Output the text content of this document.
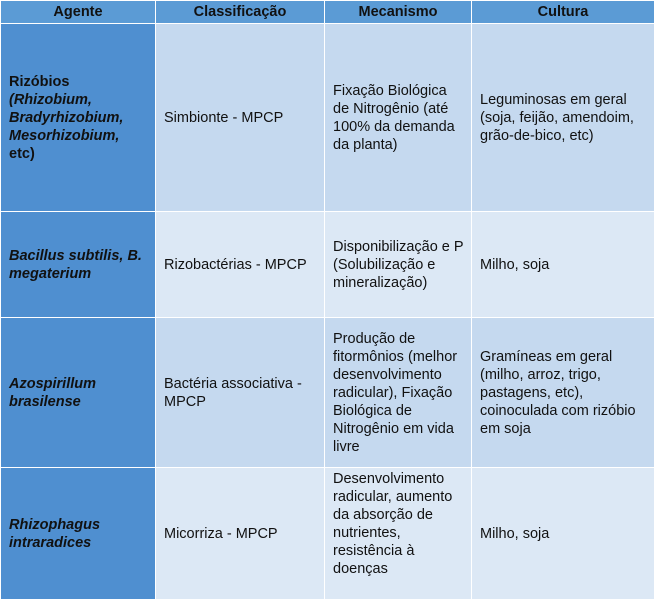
Agente	Classificação	Mecanismo	Cultura
Rizóbios
(Rhizobium, Bradyrhizobium, Mesorhizobium,
etc)	Simbionte - MPCP	Fixação Biológica de Nitrogênio (até 100% da demanda da planta)	Leguminosas em geral (soja, feijão, amendoim, grão-de-bico, etc)
Bacillus subtilis, B. megaterium	Rizobactérias - MPCP	Disponibilização e P (Solubilização e mineralização)	Milho, soja
Azospirillum brasilense	Bactéria associativa - MPCP	Produção de fitormônios (melhor desenvolvimento radicular), Fixação Biológica de Nitrogênio em vida livre	Gramíneas em geral (milho, arroz, trigo, pastagens, etc), coinoculada com rizóbio em soja
Rhizophagus intraradices	Micorriza - MPCP	Desenvolvimento radicular, aumento da absorção de nutrientes, resistência à doenças	Milho, soja
